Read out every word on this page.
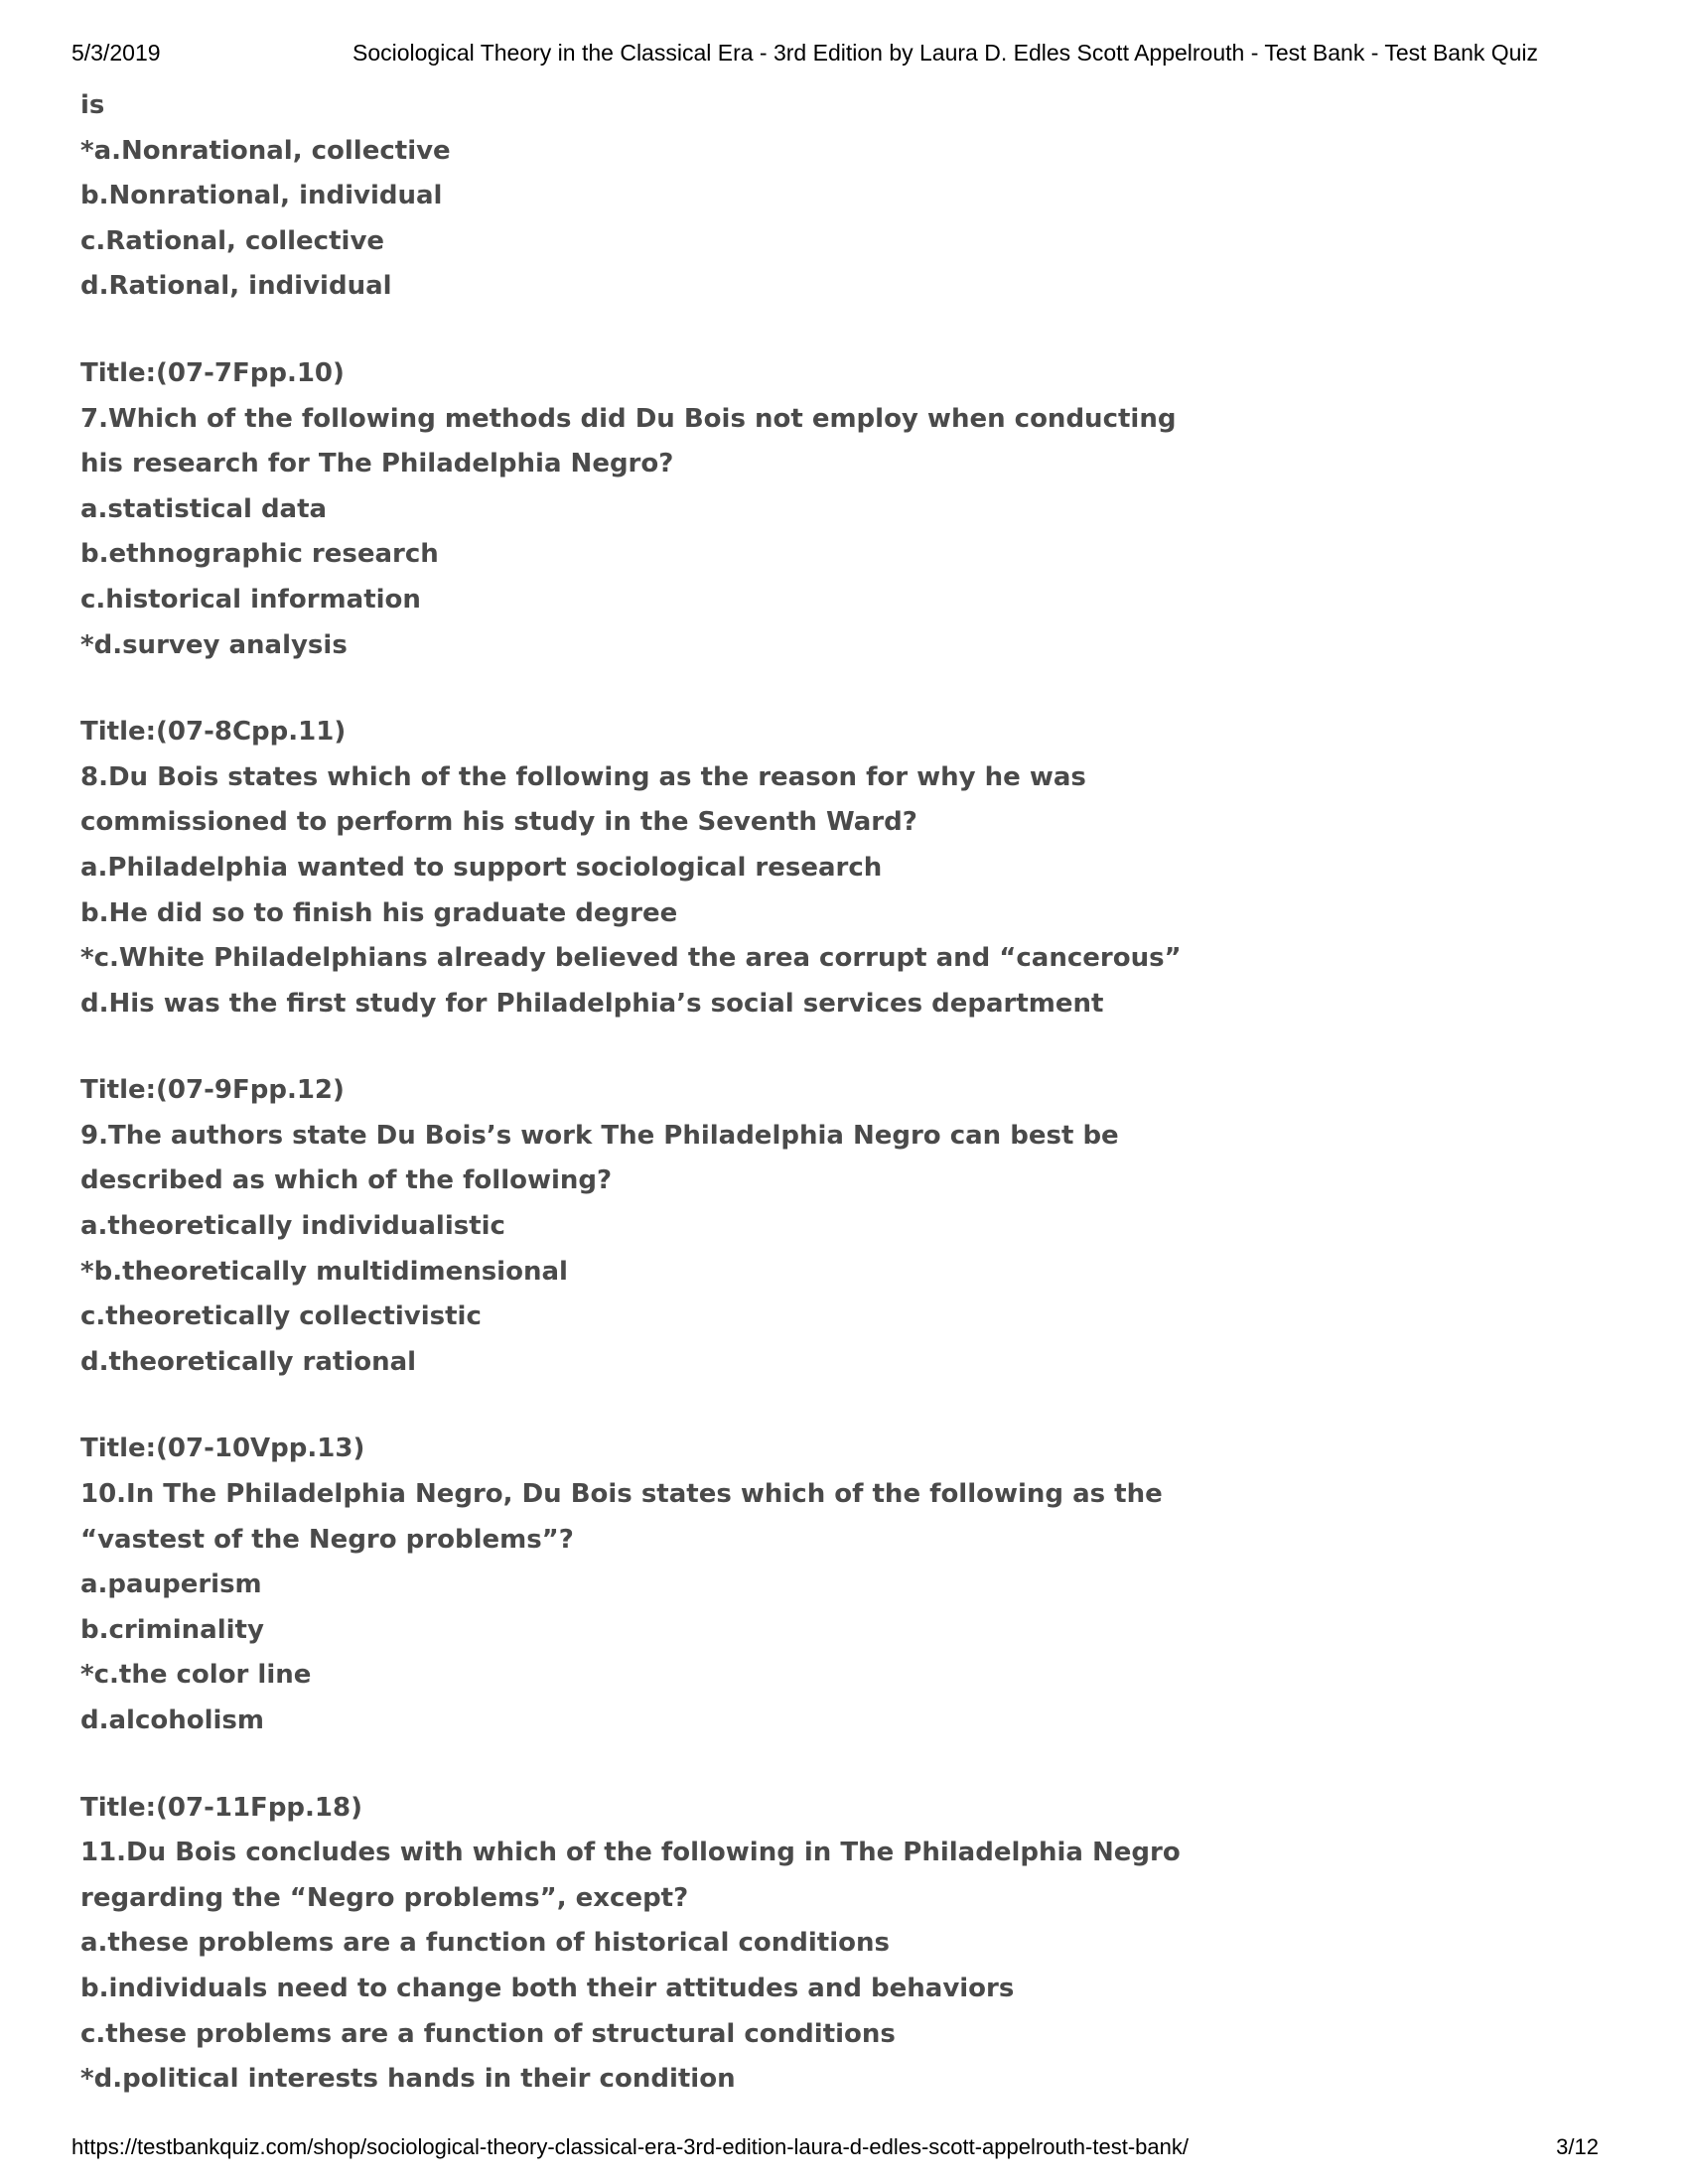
5/3/2019	Sociological Theory in the Classical Era - 3rd Edition by Laura D. Edles Scott Appelrouth - Test Bank - Test Bank Quiz
is
*a.Nonrational, collective
b.Nonrational, individual
c.Rational, collective
d.Rational, individual
Title:(07-7Fpp.10)
7.Which of the following methods did Du Bois not employ when conducting
his research for The Philadelphia Negro?
a.statistical data
b.ethnographic research
c.historical information
*d.survey analysis
Title:(07-8Cpp.11)
8.Du Bois states which of the following as the reason for why he was
commissioned to perform his study in the Seventh Ward?
a.Philadelphia wanted to support sociological research
b.He did so to finish his graduate degree
*c.White Philadelphians already believed the area corrupt and “cancerous”
d.His was the first study for Philadelphia’s social services department
Title:(07-9Fpp.12)
9.The authors state Du Bois’s work The Philadelphia Negro can best be
described as which of the following?
a.theoretically individualistic
*b.theoretically multidimensional
c.theoretically collectivistic
d.theoretically rational
Title:(07-10Vpp.13)
10.In The Philadelphia Negro, Du Bois states which of the following as the
“vastest of the Negro problems”?
a.pauperism
b.criminality
*c.the color line
d.alcoholism
Title:(07-11Fpp.18)
11.Du Bois concludes with which of the following in The Philadelphia Negro
regarding the “Negro problems”, except?
a.these problems are a function of historical conditions
b.individuals need to change both their attitudes and behaviors
c.these problems are a function of structural conditions
*d.political interests hands in their condition
https://testbankquiz.com/shop/sociological-theory-classical-era-3rd-edition-laura-d-edles-scott-appelrouth-test-bank/	3/12
